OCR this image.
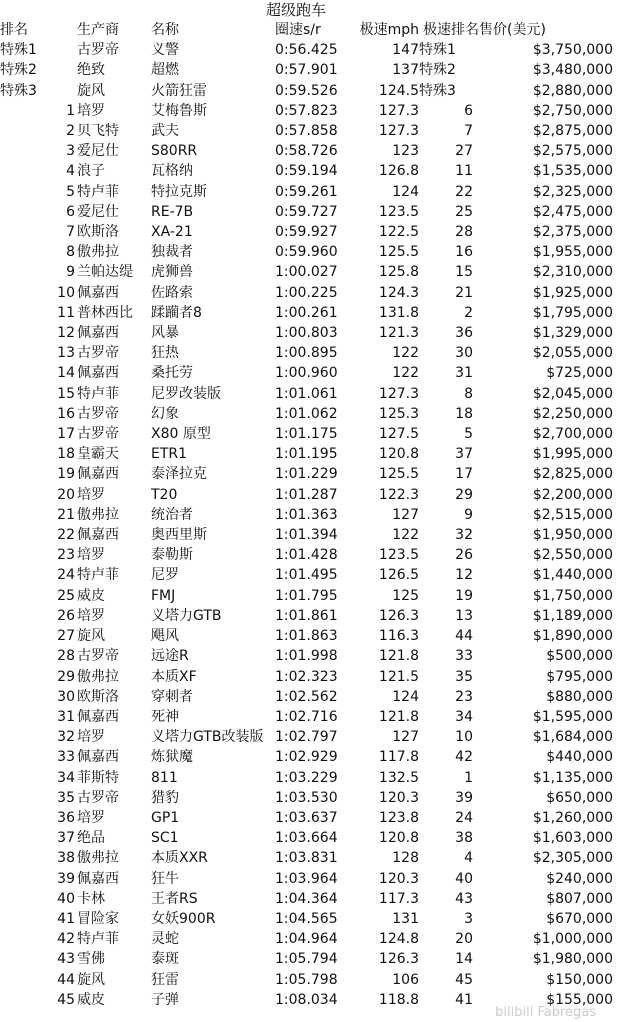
超级跑车
排名	生产商	名称	圈速s/r	极速mph	极速排名	售价(美元)
特殊1	古罗帝	义警	0:56.425	147	特殊1	$3,750,000
特殊2	绝致	超燃	0:57.901	137	特殊2	$3,480,000
特殊3	旋风	火箭狂雷	0:59.526	124.5	特殊3	$2,880,000
1	培罗	艾梅鲁斯	0:57.823	127.3	6	$2,750,000
2	贝飞特	武夫	0:57.858	127.3	7	$2,875,000
3	爱尼仕	S80RR	0:58.726	123	27	$2,575,000
4	浪子	瓦格纳	0:59.194	126.8	11	$1,535,000
5	特卢菲	特拉克斯	0:59.261	124	22	$2,325,000
6	爱尼仕	RE-7B	0:59.727	123.5	25	$2,475,000
7	欧斯洛	XA-21	0:59.927	122.5	28	$2,375,000
8	傲弗拉	独裁者	0:59.960	125.5	16	$1,955,000
9	兰帕达缇	虎狮兽	1:00.027	125.8	15	$2,310,000
10	佩嘉西	佐路索	1:00.225	124.3	21	$1,925,000
11	普林西比	蹂躏者8	1:00.261	131.8	2	$1,795,000
12	佩嘉西	风暴	1:00.803	121.3	36	$1,329,000
13	古罗帝	狂热	1:00.895	122	30	$2,055,000
14	佩嘉西	桑托劳	1:00.960	122	31	$725,000
15	特卢菲	尼罗改装版	1:01.061	127.3	8	$2,045,000
16	古罗帝	幻象	1:01.062	125.3	18	$2,250,000
17	古罗帝	X80 原型	1:01.175	127.5	5	$2,700,000
18	皇霸天	ETR1	1:01.195	120.8	37	$1,995,000
19	佩嘉西	泰泽拉克	1:01.229	125.5	17	$2,825,000
20	培罗	T20	1:01.287	122.3	29	$2,200,000
21	傲弗拉	统治者	1:01.363	127	9	$2,515,000
22	佩嘉西	奥西里斯	1:01.394	122	32	$1,950,000
23	培罗	泰勒斯	1:01.428	123.5	26	$2,550,000
24	特卢菲	尼罗	1:01.495	126.5	12	$1,440,000
25	威皮	FMJ	1:01.795	125	19	$1,750,000
26	培罗	义塔力GTB	1:01.861	126.3	13	$1,189,000
27	旋风	飓风	1:01.863	116.3	44	$1,890,000
28	古罗帝	远途R	1:01.998	121.8	33	$500,000
29	傲弗拉	本质XF	1:02.323	121.5	35	$795,000
30	欧斯洛	穿刺者	1:02.562	124	23	$880,000
31	佩嘉西	死神	1:02.716	121.8	34	$1,595,000
32	培罗	义塔力GTB改装版	1:02.797	127	10	$1,684,000
33	佩嘉西	炼狱魔	1:02.929	117.8	42	$440,000
34	菲斯特	811	1:03.229	132.5	1	$1,135,000
35	古罗帝	猎豹	1:03.530	120.3	39	$650,000
36	培罗	GP1	1:03.637	123.8	24	$1,260,000
37	绝品	SC1	1:03.664	120.8	38	$1,603,000
38	傲弗拉	本质XXR	1:03.831	128	4	$2,305,000
39	佩嘉西	狂牛	1:03.964	120.3	40	$240,000
40	卡林	王者RS	1:04.364	117.3	43	$807,000
41	冒险家	女妖900R	1:04.565	131	3	$670,000
42	特卢菲	灵蛇	1:04.964	124.8	20	$1,000,000
43	雪佛	泰斑	1:05.794	126.3	14	$1,980,000
44	旋风	狂雷	1:05.798	106	45	$150,000
45	威皮	子弹	1:08.034	118.8	41	$155,000
bilibili Fabregas
